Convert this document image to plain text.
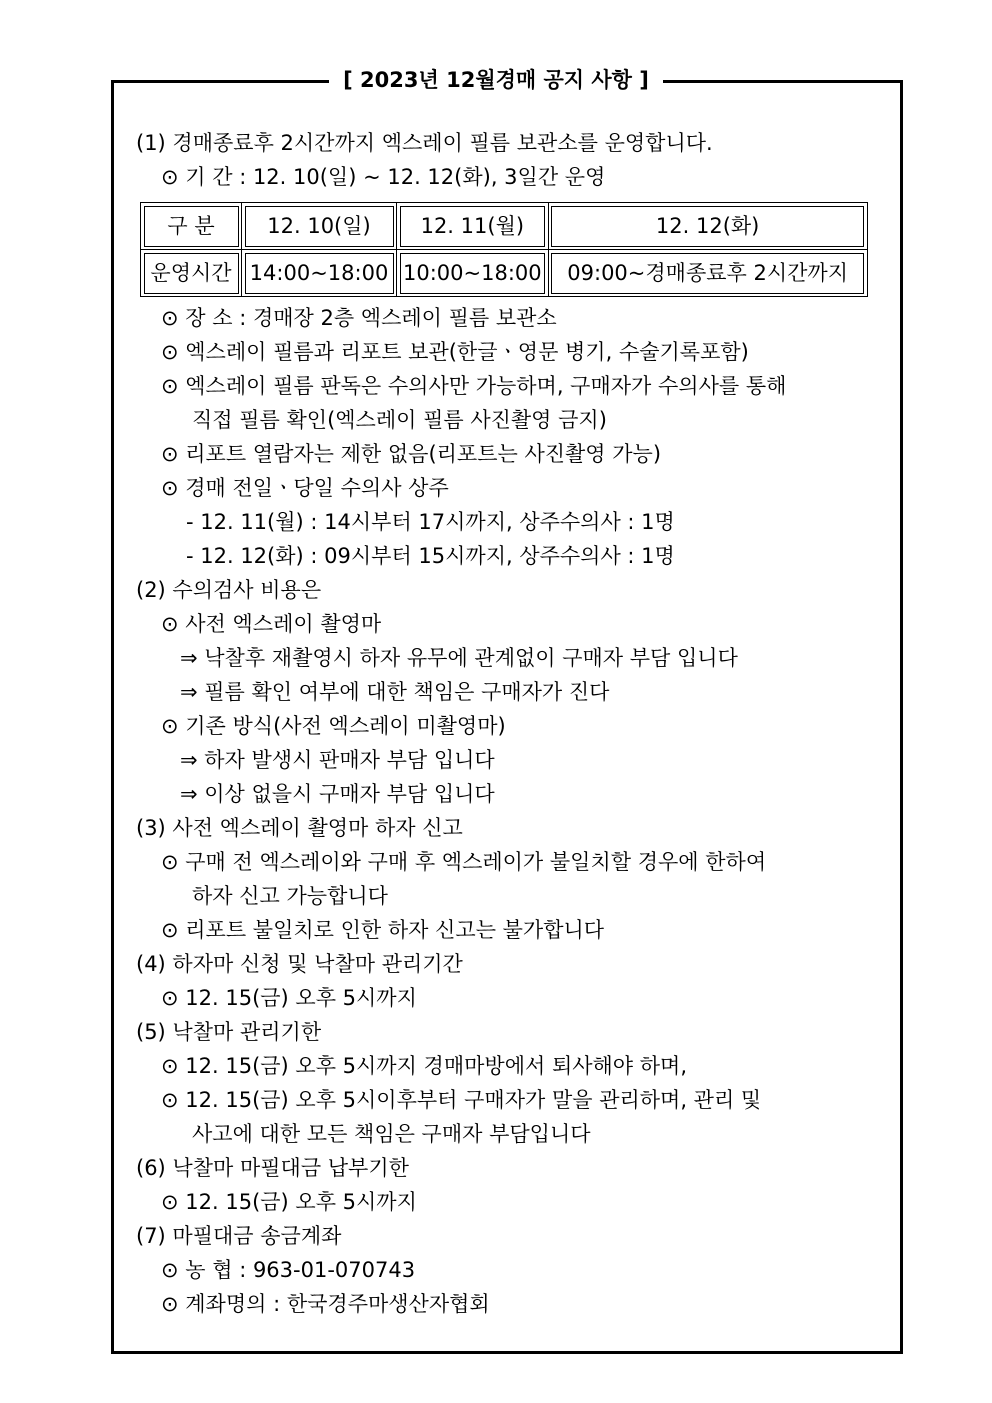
[ 2023년 12월경매 공지 사항 ]
(1) 경매종료후 2시간까지 엑스레이 필름 보관소를 운영합니다.
⊙ 기 간 : 12. 10(일) ~ 12. 12(화), 3일간 운영
구 분	12. 10(일)	12. 11(월)	12. 12(화)
운영시간	14:00~18:00	10:00~18:00	09:00~경매종료후 2시간까지
⊙ 장 소 : 경매장 2층 엑스레이 필름 보관소
⊙ 엑스레이 필름과 리포트 보관(한글ㆍ영문 병기, 수술기록포함)
⊙ 엑스레이 필름 판독은 수의사만 가능하며, 구매자가 수의사를 통해
직접 필름 확인(엑스레이 필름 사진촬영 금지)
⊙ 리포트 열람자는 제한 없음(리포트는 사진촬영 가능)
⊙ 경매 전일ㆍ당일 수의사 상주
- 12. 11(월) : 14시부터 17시까지, 상주수의사 : 1명
- 12. 12(화) : 09시부터 15시까지, 상주수의사 : 1명
(2) 수의검사 비용은
⊙ 사전 엑스레이 촬영마
⇒ 낙찰후 재촬영시 하자 유무에 관계없이 구매자 부담 입니다
⇒ 필름 확인 여부에 대한 책임은 구매자가 진다
⊙ 기존 방식(사전 엑스레이 미촬영마)
⇒ 하자 발생시 판매자 부담 입니다
⇒ 이상 없을시 구매자 부담 입니다
(3) 사전 엑스레이 촬영마 하자 신고
⊙ 구매 전 엑스레이와 구매 후 엑스레이가 불일치할 경우에 한하여
하자 신고 가능합니다
⊙ 리포트 불일치로 인한 하자 신고는 불가합니다
(4) 하자마 신청 및 낙찰마 관리기간
⊙ 12. 15(금) 오후 5시까지
(5) 낙찰마 관리기한
⊙ 12. 15(금) 오후 5시까지 경매마방에서 퇴사해야 하며,
⊙ 12. 15(금) 오후 5시이후부터 구매자가 말을 관리하며, 관리 및
사고에 대한 모든 책임은 구매자 부담입니다
(6) 낙찰마 마필대금 납부기한
⊙ 12. 15(금) 오후 5시까지
(7) 마필대금 송금계좌
⊙ 농 협 : 963-01-070743
⊙ 계좌명의 : 한국경주마생산자협회
